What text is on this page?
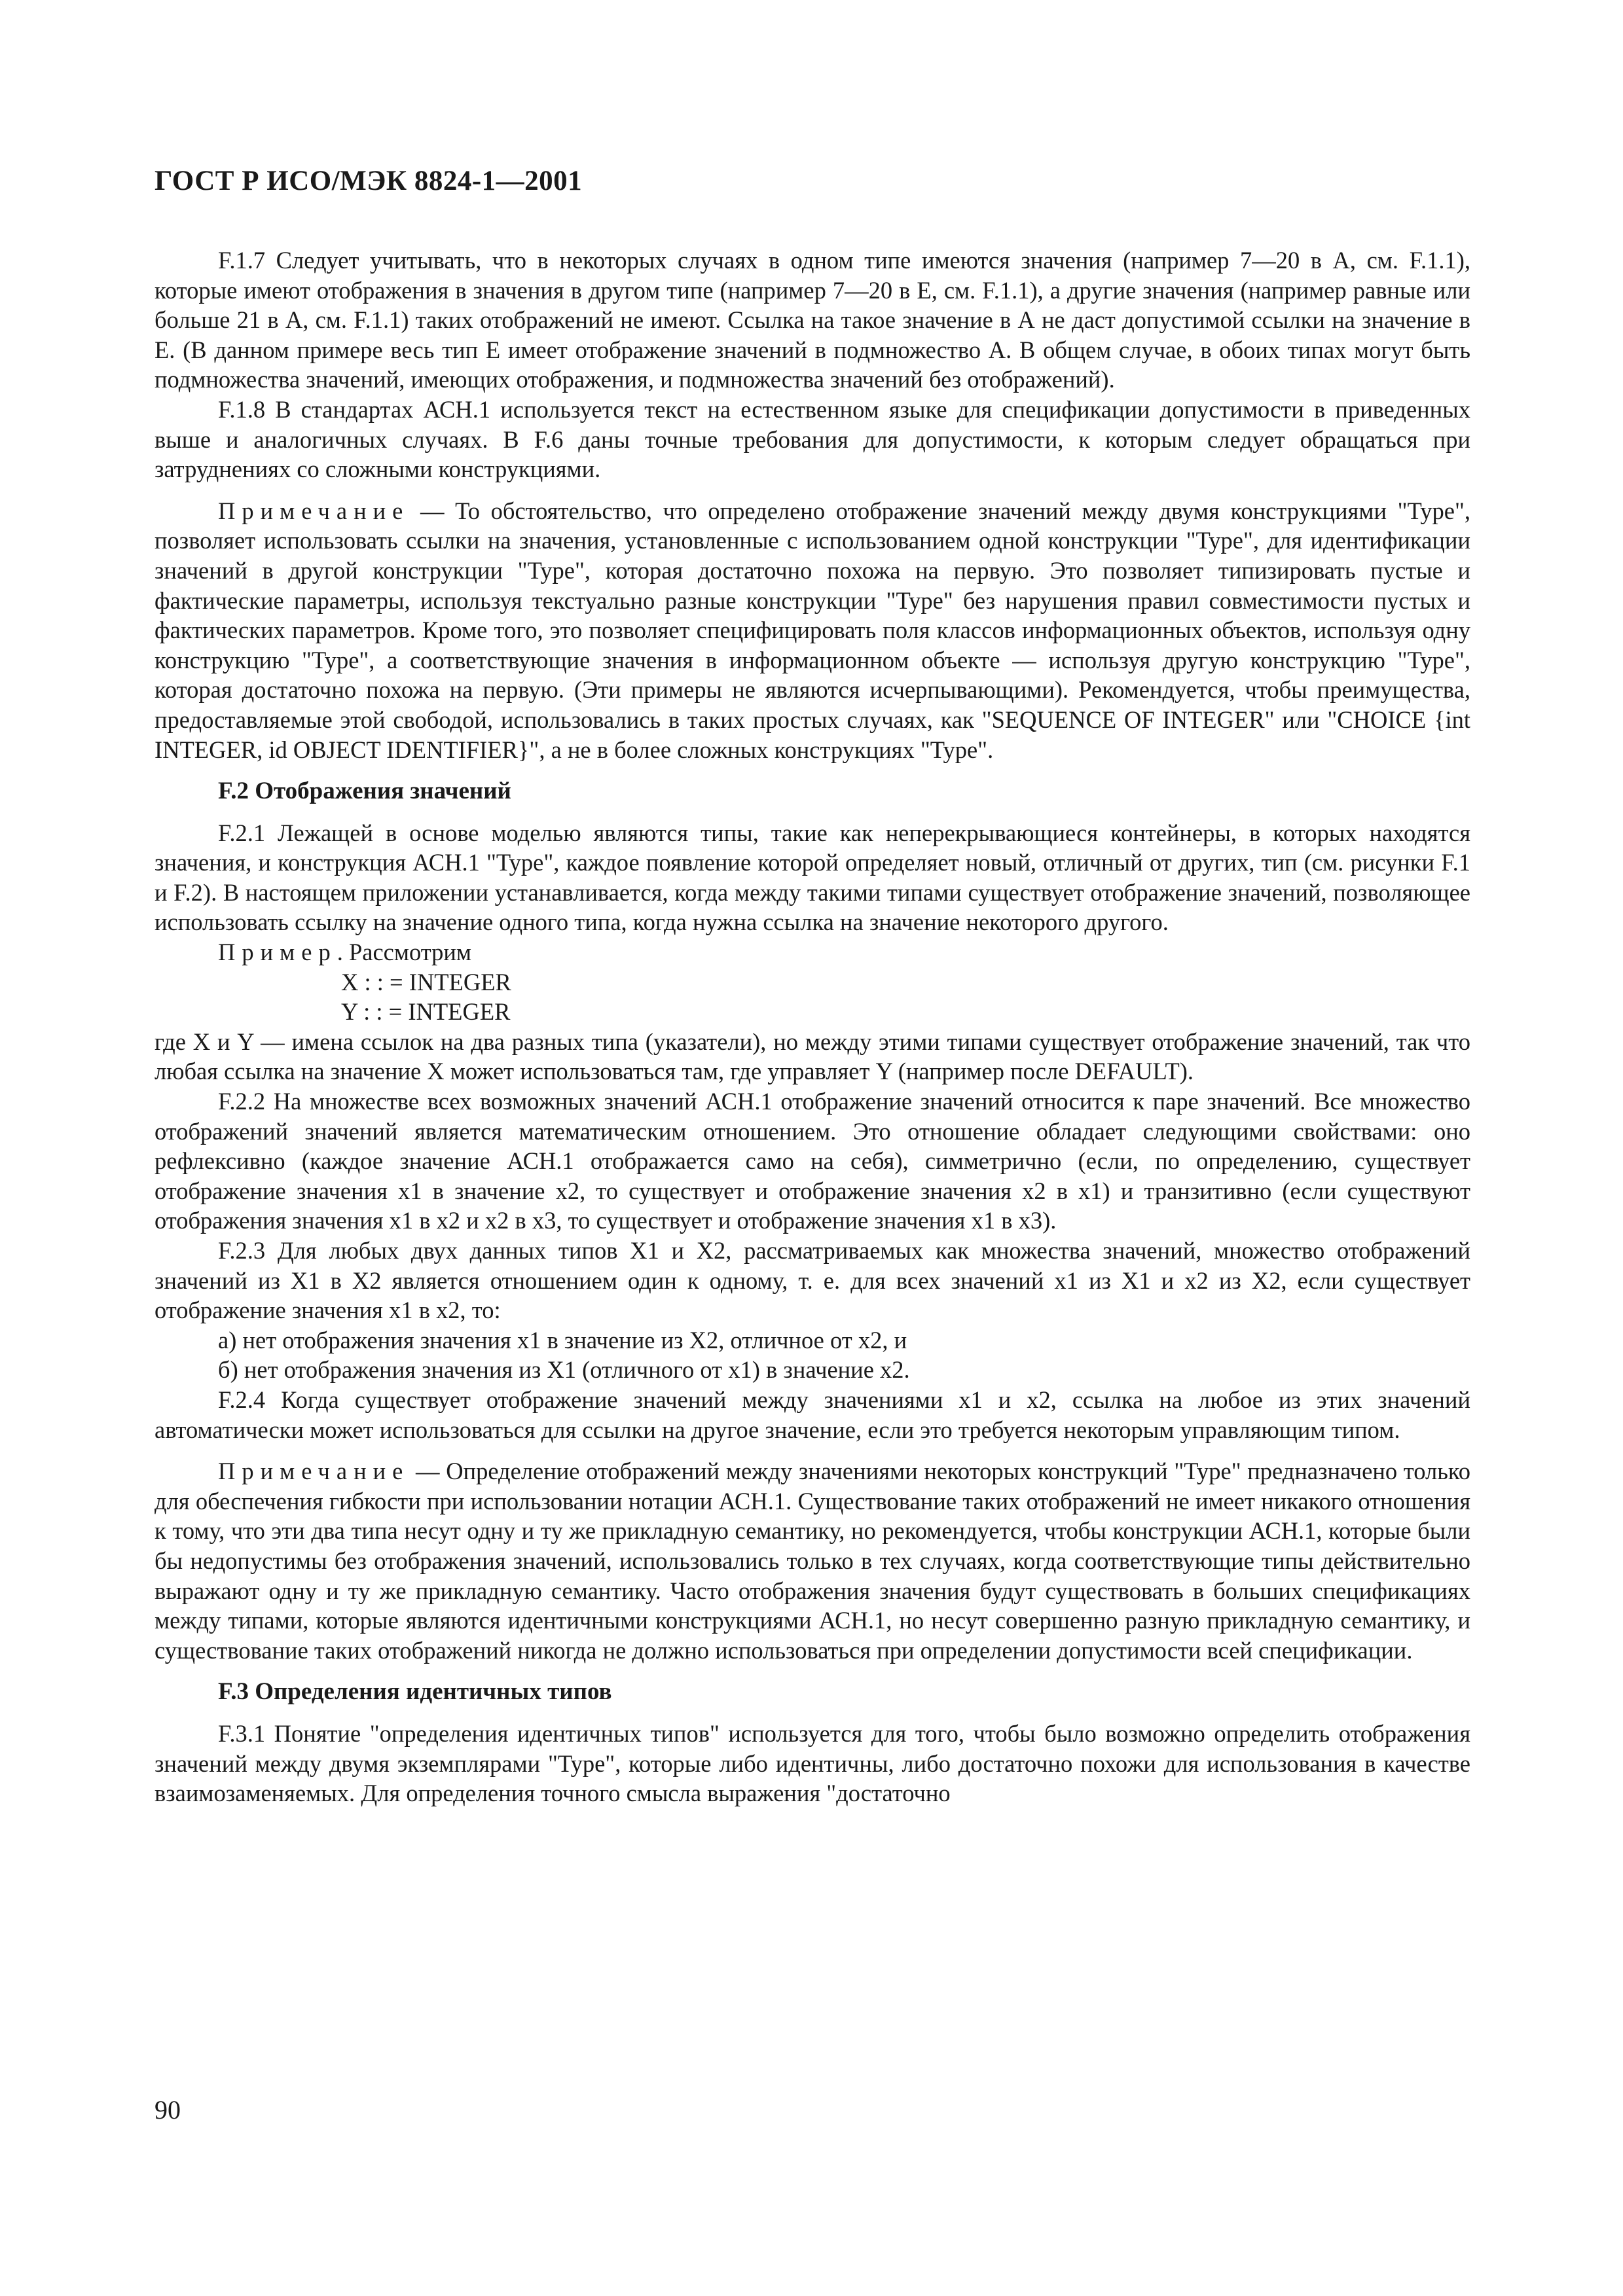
ГОСТ Р ИСО/МЭК 8824-1—2001

F.1.7 Следует учитывать, что в некоторых случаях в одном типе имеются значения (например 7—20 в А, см. F.1.1), которые имеют отображения в значения в другом типе (например 7—20 в Е, см. F.1.1), а другие значения (например равные или больше 21 в А, см. F.1.1) таких отображений не имеют. Ссылка на такое значение в А не даст допустимой ссылки на значение в Е. (В данном примере весь тип Е имеет отображение значений в подмножество А. В общем случае, в обоих типах могут быть подмножества значений, имеющих отображения, и подмножества значений без отображений).

F.1.8 В стандартах АСН.1 используется текст на естественном языке для спецификации допустимости в приведенных выше и аналогичных случаях. В F.6 даны точные требования для допустимости, к которым следует обращаться при затруднениях со сложными конструкциями.

Примечание — То обстоятельство, что определено отображение значений между двумя конструкциями "Type", позволяет использовать ссылки на значения, установленные с использованием одной конструкции "Type", для идентификации значений в другой конструкции "Type", которая достаточно похожа на первую. Это позволяет типизировать пустые и фактические параметры, используя текстуально разные конструкции "Type" без нарушения правил совместимости пустых и фактических параметров. Кроме того, это позволяет специфицировать поля классов информационных объектов, используя одну конструкцию "Type", а соответствующие значения в информационном объекте — используя другую конструкцию "Type", которая достаточно похожа на первую. (Эти примеры не являются исчерпывающими). Рекомендуется, чтобы преимущества, предоставляемые этой свободой, использовались в таких простых случаях, как "SEQUENCE OF INTEGER" или "CHOICE {int INTEGER, id OBJECT IDENTIFIER}", а не в более сложных конструкциях "Type".

F.2 Отображения значений

F.2.1 Лежащей в основе моделью являются типы, такие как неперекрывающиеся контейнеры, в которых находятся значения, и конструкция АСН.1 "Type", каждое появление которой определяет новый, отличный от других, тип (см. рисунки F.1 и F.2). В настоящем приложении устанавливается, когда между такими типами существует отображение значений, позволяющее использовать ссылку на значение одного типа, когда нужна ссылка на значение некоторого другого.

Пример. Рассмотрим

X : : = INTEGER
Y : : = INTEGER

где X и Y — имена ссылок на два разных типа (указатели), но между этими типами существует отображение значений, так что любая ссылка на значение X может использоваться там, где управляет Y (например после DEFAULT).

F.2.2 На множестве всех возможных значений АСН.1 отображение значений относится к паре значений. Все множество отображений значений является математическим отношением. Это отношение обладает следующими свойствами: оно рефлексивно (каждое значение АСН.1 отображается само на себя), симметрично (если, по определению, существует отображение значения x1 в значение x2, то существует и отображение значения x2 в x1) и транзитивно (если существуют отображения значения x1 в x2 и x2 в x3, то существует и отображение значения x1 в x3).

F.2.3 Для любых двух данных типов X1 и X2, рассматриваемых как множества значений, множество отображений значений из X1 в X2 является отношением один к одному, т. е. для всех значений x1 из X1 и x2 из X2, если существует отображение значения x1 в x2, то:

а) нет отображения значения x1 в значение из X2, отличное от x2, и

б) нет отображения значения из X1 (отличного от x1) в значение x2.

F.2.4 Когда существует отображение значений между значениями x1 и x2, ссылка на любое из этих значений автоматически может использоваться для ссылки на другое значение, если это требуется некоторым управляющим типом.

Примечание — Определение отображений между значениями некоторых конструкций "Type" предназначено только для обеспечения гибкости при использовании нотации АСН.1. Существование таких отображений не имеет никакого отношения к тому, что эти два типа несут одну и ту же прикладную семантику, но рекомендуется, чтобы конструкции АСН.1, которые были бы недопустимы без отображения значений, использовались только в тех случаях, когда соответствующие типы действительно выражают одну и ту же прикладную семантику. Часто отображения значения будут существовать в больших спецификациях между типами, которые являются идентичными конструкциями АСН.1, но несут совершенно разную прикладную семантику, и существование таких отображений никогда не должно использоваться при определении допустимости всей спецификации.

F.3 Определения идентичных типов

F.3.1 Понятие "определения идентичных типов" используется для того, чтобы было возможно определить отображения значений между двумя экземплярами "Type", которые либо идентичны, либо достаточно похожи для использования в качестве взаимозаменяемых. Для определения точного смысла выражения "достаточно

90
